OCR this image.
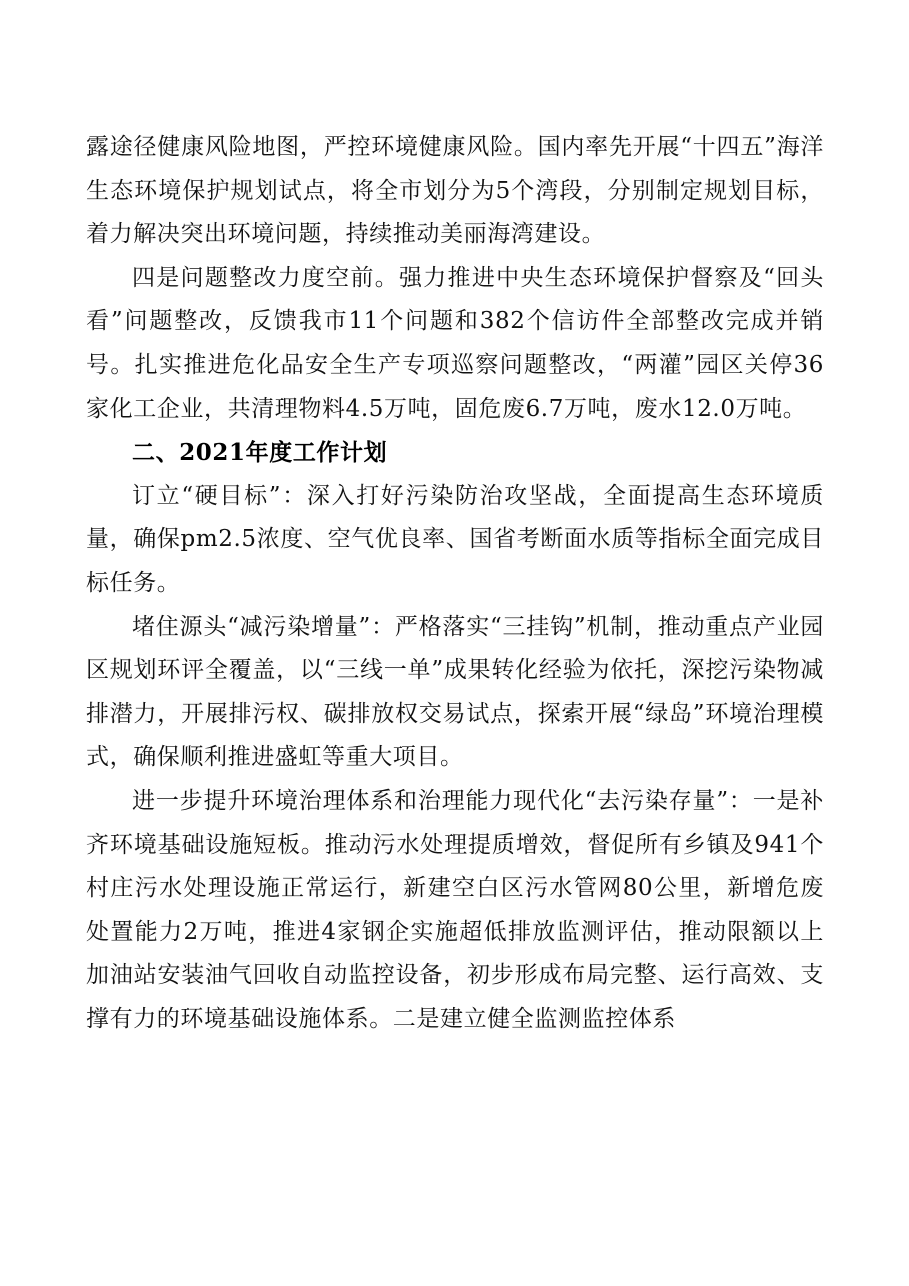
露途径健康风险地图，严控环境健康风险。国内率先开展“十四五”海洋生态环境保护规划试点，将全市划分为5个湾段，分别制定规划目标，着力解决突出环境问题，持续推动美丽海湾建设。

四是问题整改力度空前。强力推进中央生态环境保护督察及“回头看”问题整改，反馈我市11个问题和382个信访件全部整改完成并销号。扎实推进危化品安全生产专项巡察问题整改，“两灌”园区关停36家化工企业，共清理物料4.5万吨，固危废6.7万吨，废水12.0万吨。

二、2021年度工作计划

订立“硬目标”：深入打好污染防治攻坚战，全面提高生态环境质量，确保pm2.5浓度、空气优良率、国省考断面水质等指标全面完成目标任务。

堵住源头“减污染增量”：严格落实“三挂钩”机制，推动重点产业园区规划环评全覆盖，以“三线一单”成果转化经验为依托，深挖污染物减排潜力，开展排污权、碳排放权交易试点，探索开展“绿岛”环境治理模式，确保顺利推进盛虹等重大项目。

进一步提升环境治理体系和治理能力现代化“去污染存量”：一是补齐环境基础设施短板。推动污水处理提质增效，督促所有乡镇及941个村庄污水处理设施正常运行，新建空白区污水管网80公里，新增危废处置能力2万吨，推进4家钢企实施超低排放监测评估，推动限额以上加油站安装油气回收自动监控设备，初步形成布局完整、运行高效、支撑有力的环境基础设施体系。二是建立健全监测监控体系
